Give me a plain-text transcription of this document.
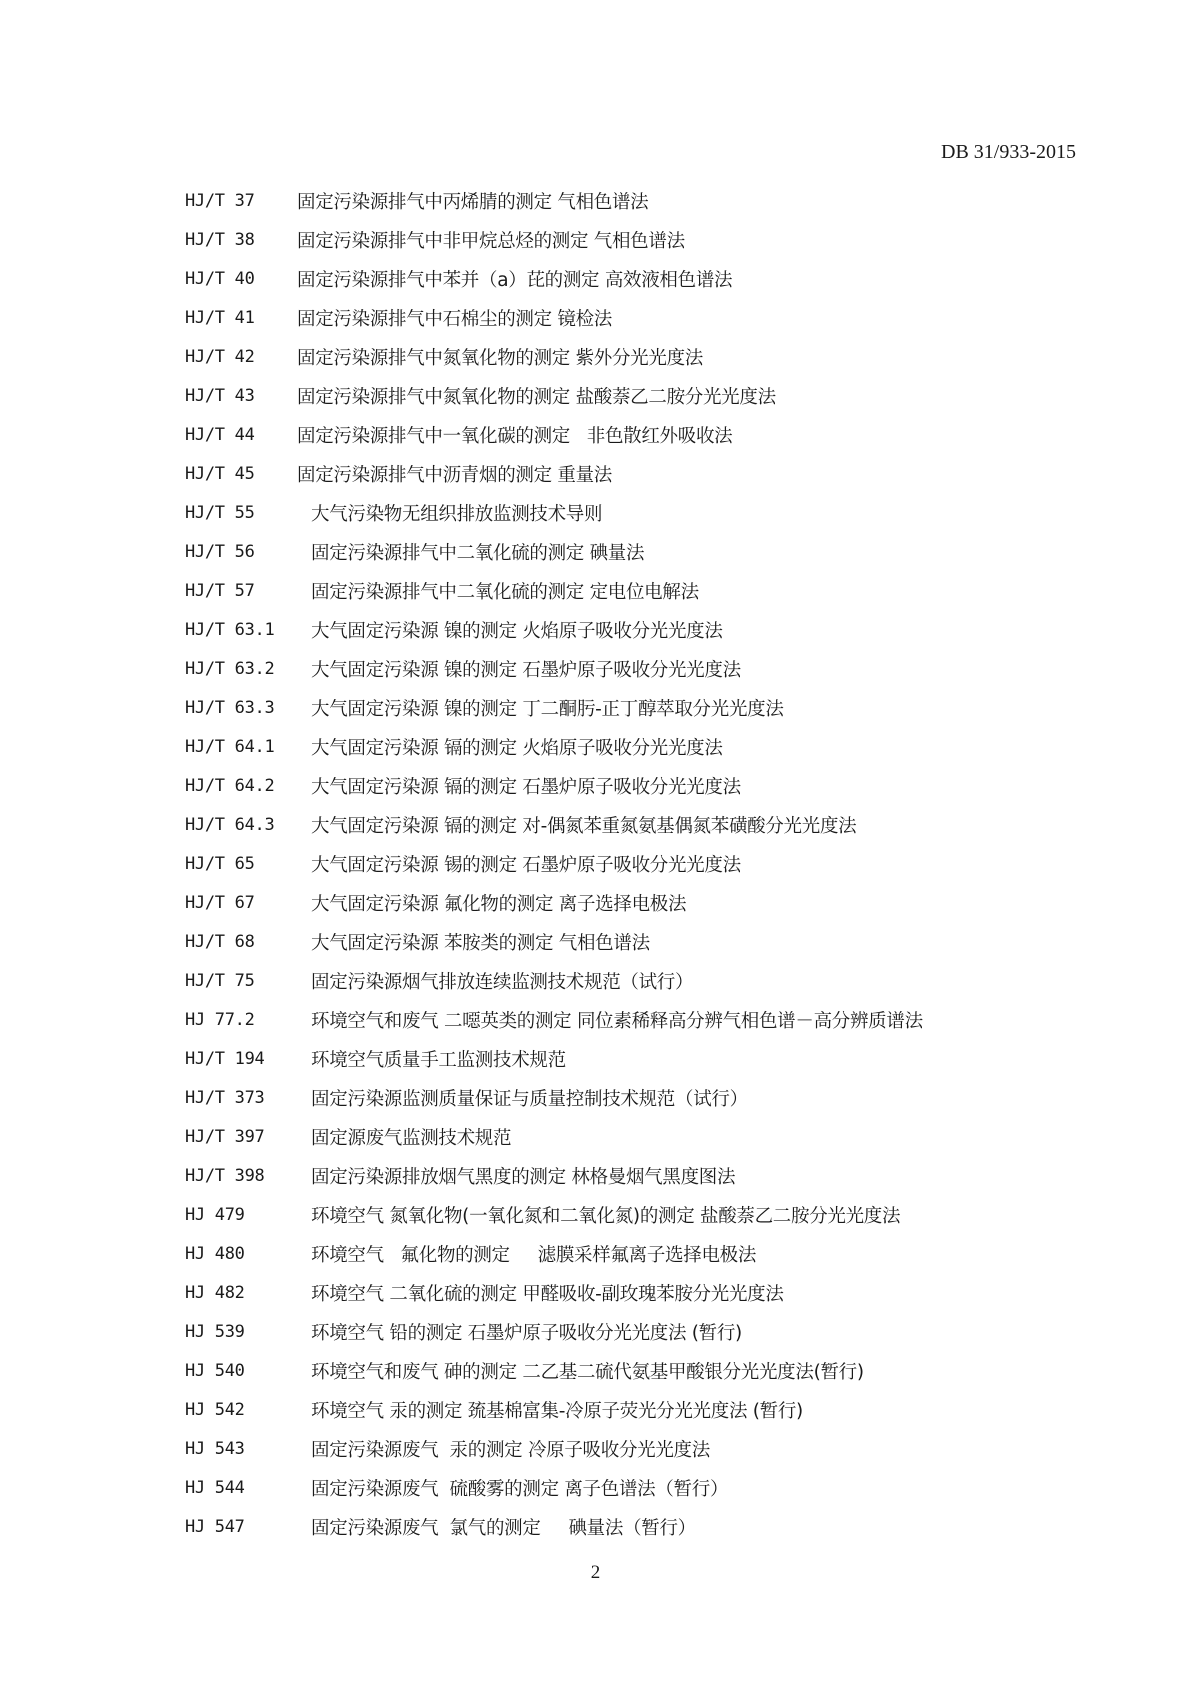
DB 31/933-2015
HJ/T 37	固定污染源排气中丙烯腈的测定 气相色谱法
HJ/T 38	固定污染源排气中非甲烷总烃的测定 气相色谱法
HJ/T 40	固定污染源排气中苯并（a）芘的测定 高效液相色谱法
HJ/T 41	固定污染源排气中石棉尘的测定 镜检法
HJ/T 42	固定污染源排气中氮氧化物的测定 紫外分光光度法
HJ/T 43	固定污染源排气中氮氧化物的测定 盐酸萘乙二胺分光光度法
HJ/T 44	固定污染源排气中一氧化碳的测定   非色散红外吸收法
HJ/T 45	固定污染源排气中沥青烟的测定 重量法
HJ/T 55	大气污染物无组织排放监测技术导则
HJ/T 56	固定污染源排气中二氧化硫的测定 碘量法
HJ/T 57	固定污染源排气中二氧化硫的测定 定电位电解法
HJ/T 63.1	大气固定污染源 镍的测定 火焰原子吸收分光光度法
HJ/T 63.2	大气固定污染源 镍的测定 石墨炉原子吸收分光光度法
HJ/T 63.3	大气固定污染源 镍的测定 丁二酮肟-正丁醇萃取分光光度法
HJ/T 64.1	大气固定污染源 镉的测定 火焰原子吸收分光光度法
HJ/T 64.2	大气固定污染源 镉的测定 石墨炉原子吸收分光光度法
HJ/T 64.3	大气固定污染源 镉的测定 对-偶氮苯重氮氨基偶氮苯磺酸分光光度法
HJ/T 65	大气固定污染源 锡的测定 石墨炉原子吸收分光光度法
HJ/T 67	大气固定污染源 氟化物的测定 离子选择电极法
HJ/T 68	大气固定污染源 苯胺类的测定 气相色谱法
HJ/T 75	固定污染源烟气排放连续监测技术规范（试行）
HJ 77.2	环境空气和废气 二噁英类的测定 同位素稀释高分辨气相色谱－高分辨质谱法
HJ/T 194	环境空气质量手工监测技术规范
HJ/T 373	固定污染源监测质量保证与质量控制技术规范（试行）
HJ/T 397	固定源废气监测技术规范
HJ/T 398	固定污染源排放烟气黑度的测定 林格曼烟气黑度图法
HJ 479	环境空气 氮氧化物(一氧化氮和二氧化氮)的测定 盐酸萘乙二胺分光光度法
HJ 480	环境空气   氟化物的测定     滤膜采样氟离子选择电极法
HJ 482	环境空气 二氧化硫的测定 甲醛吸收-副玫瑰苯胺分光光度法
HJ 539	环境空气 铅的测定 石墨炉原子吸收分光光度法 (暂行)
HJ 540	环境空气和废气 砷的测定 二乙基二硫代氨基甲酸银分光光度法(暂行)
HJ 542	环境空气 汞的测定 巯基棉富集-冷原子荧光分光光度法 (暂行)
HJ 543	固定污染源废气  汞的测定 冷原子吸收分光光度法
HJ 544	固定污染源废气  硫酸雾的测定 离子色谱法（暂行）
HJ 547	固定污染源废气  氯气的测定     碘量法（暂行）
2
